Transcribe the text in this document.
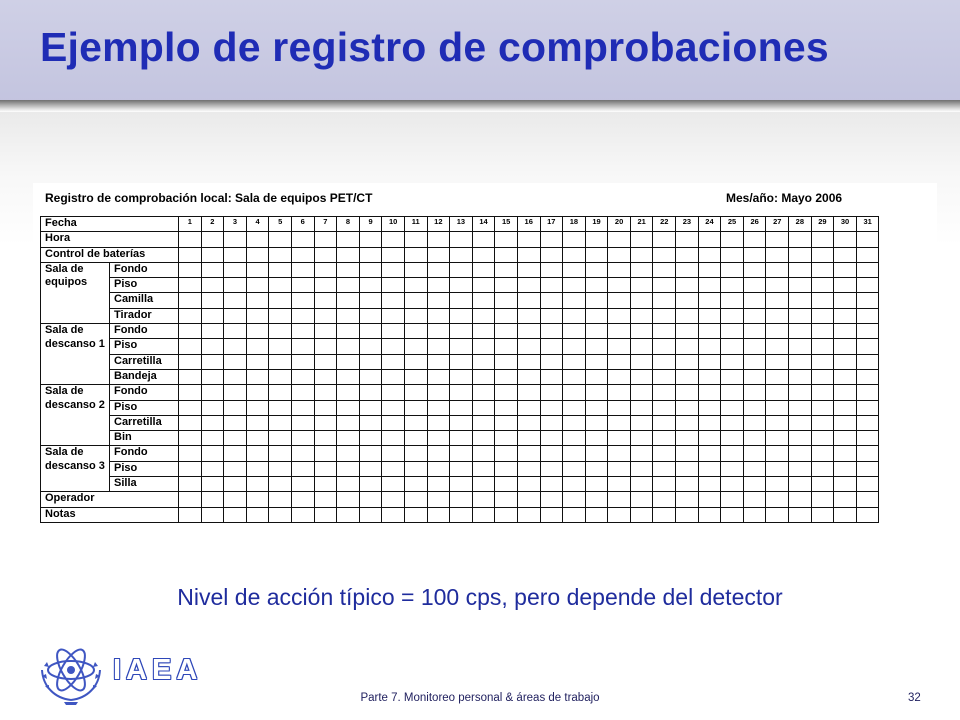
Ejemplo de registro de comprobaciones
Registro de comprobación local: Sala de equipos PET/CT	Mes/año: Mayo 2006
Fecha		1	2	3	4	5	6	7	8	9	10	11	12	13	14	15	16	17	18	19	20	21	22	23	24	25	26	27	28	29	30	31
Hora																																
Control de baterías																																
Sala de equipos	Fondo																															
	Piso																															
	Camilla																															
	Tirador																															
Sala de descanso 1	Fondo																															
	Piso																															
	Carretilla																															
	Bandeja																															
Sala de descanso 2	Fondo																															
	Piso																															
	Carretilla																															
	Bin																															
Sala de descanso 3	Fondo																															
	Piso																															
	Silla																															
Operador																																
Notas																																

Nivel de acción típico = 100 cps, pero depende del detector

IAEA

Parte 7. Monitoreo personal & áreas de trabajo	32
